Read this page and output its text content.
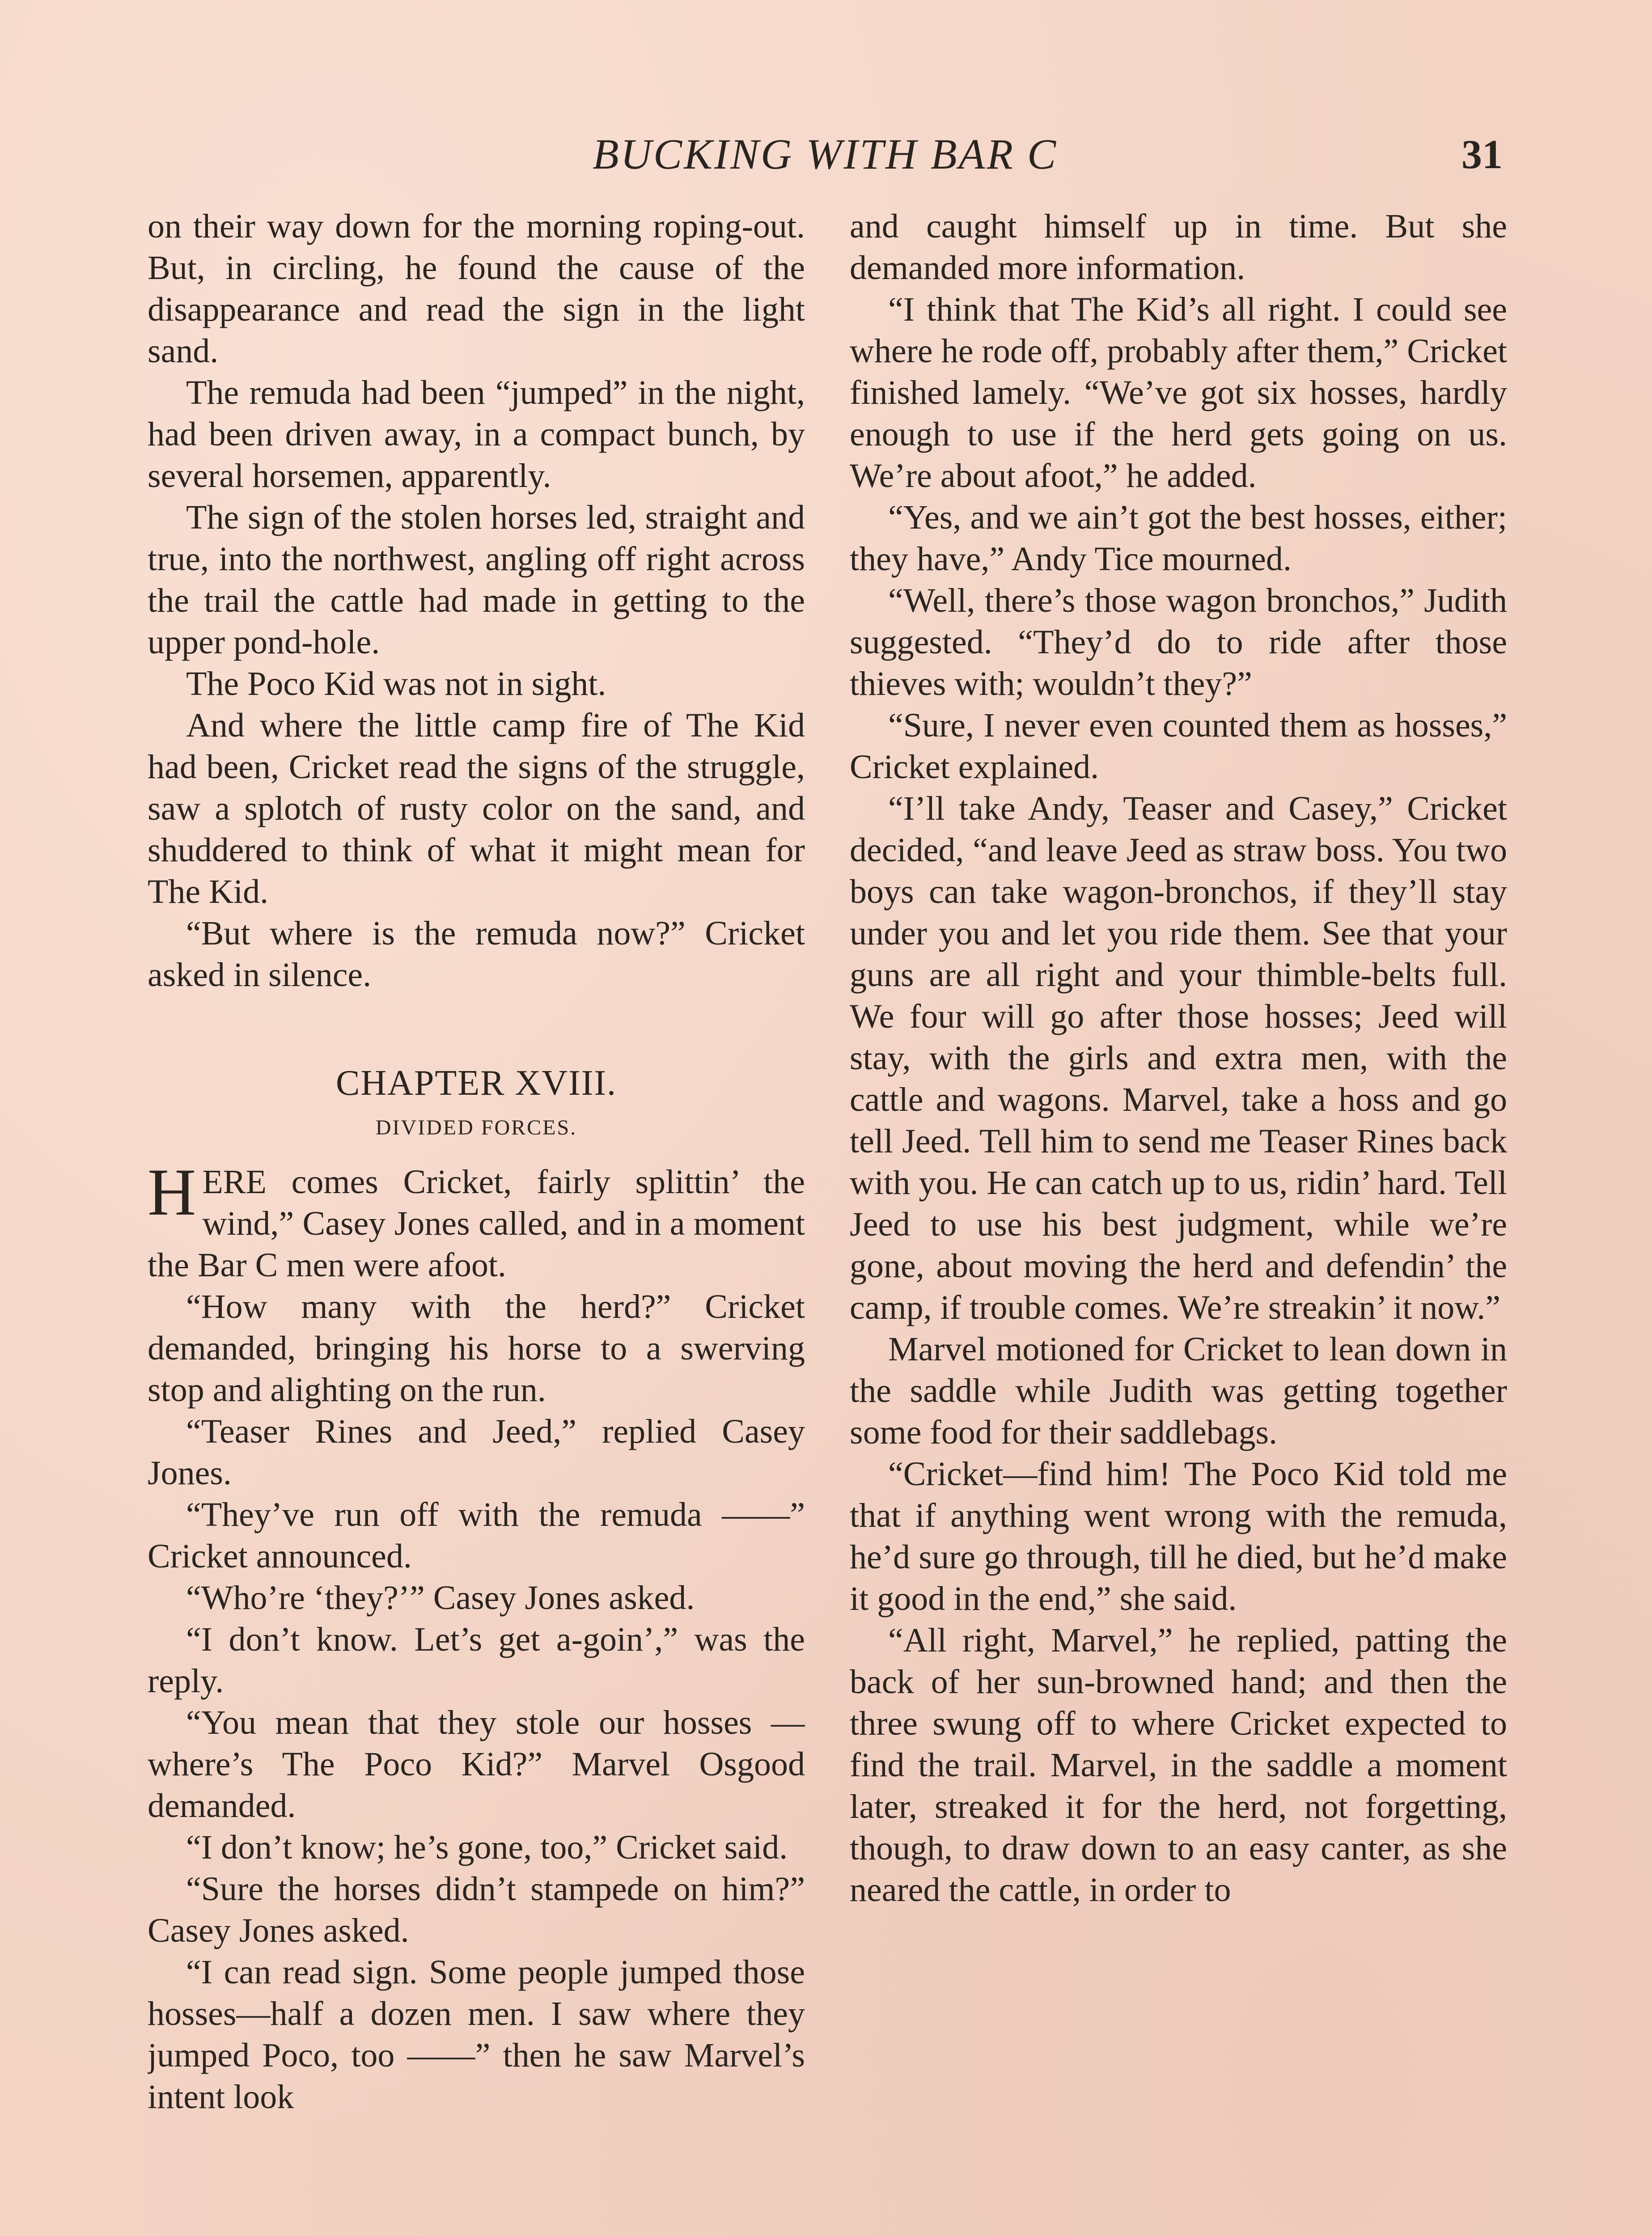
BUCKING WITH BAR C	31

on their way down for the morning roping-out. But, in circling, he found the cause of the disappearance and read the sign in the light sand.

The remuda had been “jumped” in the night, had been driven away, in a compact bunch, by several horsemen, apparently.

The sign of the stolen horses led, straight and true, into the northwest, angling off right across the trail the cattle had made in getting to the upper pond-hole.

The Poco Kid was not in sight.

And where the little camp fire of The Kid had been, Cricket read the signs of the struggle, saw a splotch of rusty color on the sand, and shuddered to think of what it might mean for The Kid.

“But where is the remuda now?” Cricket asked in silence.

CHAPTER XVIII.
DIVIDED FORCES.

HERE comes Cricket, fairly splittin’ the wind,” Casey Jones called, and in a moment the Bar C men were afoot.

“How many with the herd?” Cricket demanded, bringing his horse to a swerving stop and alighting on the run.

“Teaser Rines and Jeed,” replied Casey Jones.

“They’ve run off with the remuda ——” Cricket announced.

“Who’re ‘they?’” Casey Jones asked.

“I don’t know. Let’s get a-goin’,” was the reply.

“You mean that they stole our hosses —where’s The Poco Kid?” Marvel Osgood demanded.

“I don’t know; he’s gone, too,” Cricket said.

“Sure the horses didn’t stampede on him?” Casey Jones asked.

“I can read sign. Some people jumped those hosses—half a dozen men. I saw where they jumped Poco, too ——” then he saw Marvel’s intent look

and caught himself up in time. But she demanded more information.

“I think that The Kid’s all right. I could see where he rode off, probably after them,” Cricket finished lamely. “We’ve got six hosses, hardly enough to use if the herd gets going on us. We’re about afoot,” he added.

“Yes, and we ain’t got the best hosses, either; they have,” Andy Tice mourned.

“Well, there’s those wagon bronchos,” Judith suggested. “They’d do to ride after those thieves with; wouldn’t they?”

“Sure, I never even counted them as hosses,” Cricket explained.

“I’ll take Andy, Teaser and Casey,” Cricket decided, “and leave Jeed as straw boss. You two boys can take wagon-bronchos, if they’ll stay under you and let you ride them. See that your guns are all right and your thimble-belts full. We four will go after those hosses; Jeed will stay, with the girls and extra men, with the cattle and wagons. Marvel, take a hoss and go tell Jeed. Tell him to send me Teaser Rines back with you. He can catch up to us, ridin’ hard. Tell Jeed to use his best judgment, while we’re gone, about moving the herd and defendin’ the camp, if trouble comes. We’re streakin’ it now.”

Marvel motioned for Cricket to lean down in the saddle while Judith was getting together some food for their saddlebags.

“Cricket—find him! The Poco Kid told me that if anything went wrong with the remuda, he’d sure go through, till he died, but he’d make it good in the end,” she said.

“All right, Marvel,” he replied, patting the back of her sun-browned hand; and then the three swung off to where Cricket expected to find the trail. Marvel, in the saddle a moment later, streaked it for the herd, not forgetting, though, to draw down to an easy canter, as she neared the cattle, in order to
